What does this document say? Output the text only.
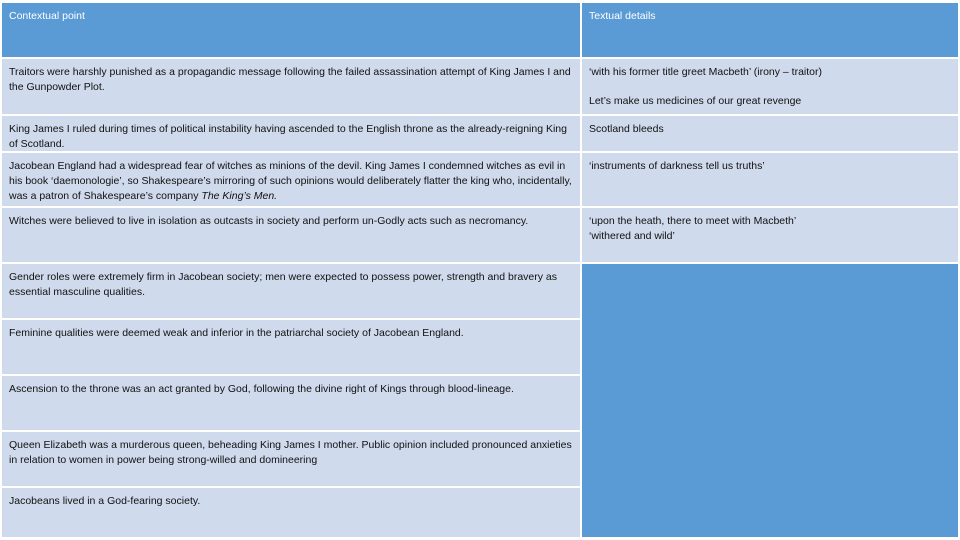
Contextual point	Textual details

Traitors were harshly punished as a propagandic message following the failed assassination attempt of King James I and the Gunpowder Plot.

‘with his former title greet Macbeth’ (irony – traitor)

Let’s make us medicines of our great revenge

King James I ruled during times of political instability having ascended to the English throne as the already-reigning King of Scotland.

Scotland bleeds

Jacobean England had a widespread fear of witches as minions of the devil. King James I condemned witches as evil in his book ‘daemonologie’, so Shakespeare’s mirroring of such opinions would deliberately flatter the king who, incidentally, was a patron of Shakespeare’s company The King’s Men.

‘instruments of darkness tell us truths’

Witches were believed to live in isolation as outcasts in society and perform un-Godly acts such as necromancy.	‘upon the heath, there to meet with Macbeth’

‘withered and wild’

Gender roles were extremely firm in Jacobean society; men were expected to possess power, strength and bravery as essential masculine qualities.

Feminine qualities were deemed weak and inferior in the patriarchal society of Jacobean England.

Ascension to the throne was an act granted by God, following the divine right of Kings through blood-lineage.

Queen Elizabeth was a murderous queen, beheading King James I mother. Public opinion included pronounced anxieties in relation to women in power being strong-willed and domineering

Jacobeans lived in a God-fearing society.
